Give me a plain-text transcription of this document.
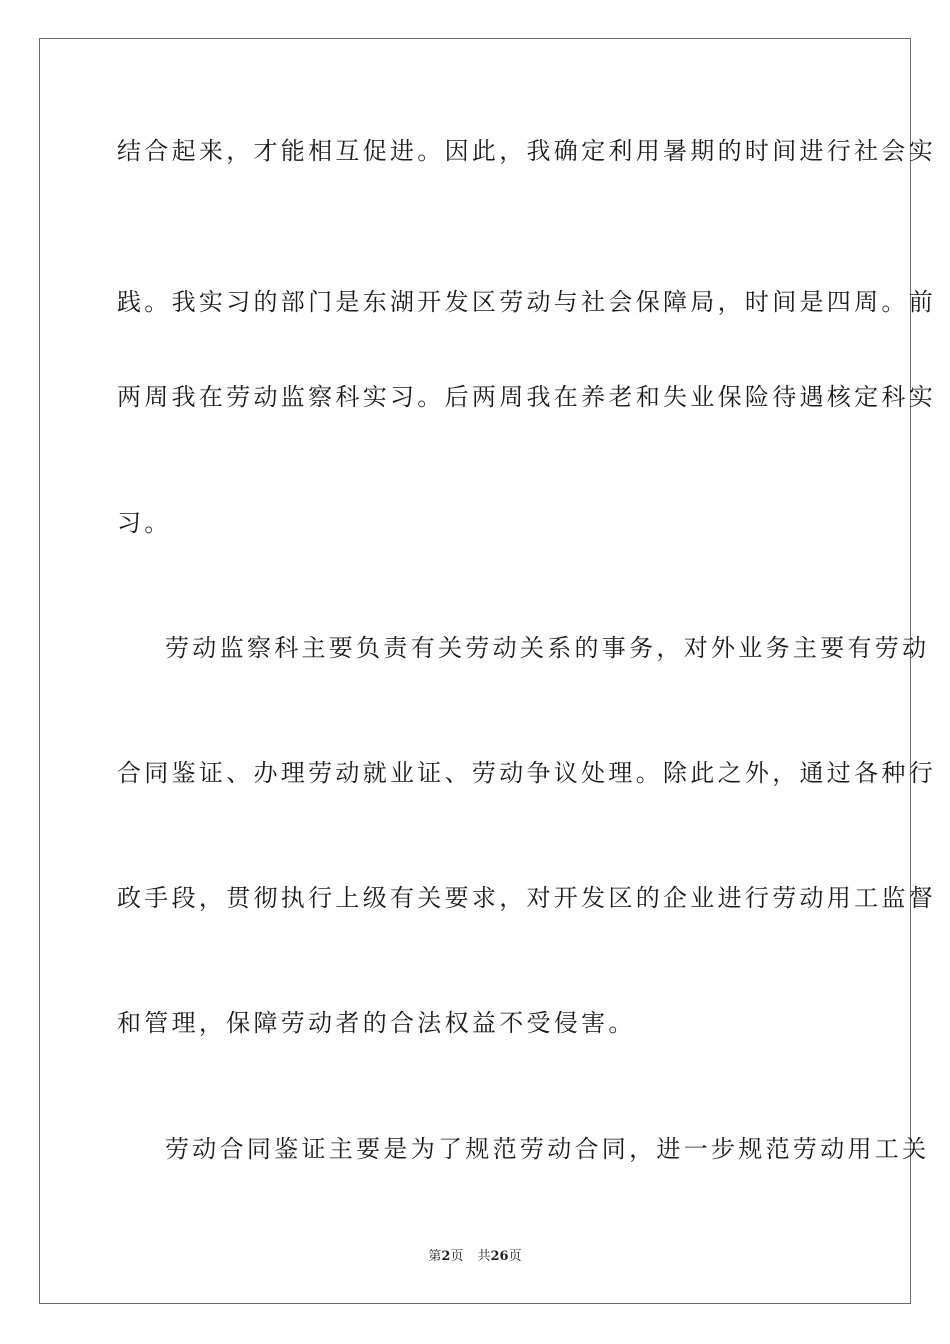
结合起来，才能相互促进。因此，我确定利用暑期的时间进行社会实
践。我实习的部门是东湖开发区劳动与社会保障局，时间是四周。前
两周我在劳动监察科实习。后两周我在养老和失业保险待遇核定科实
习。
劳动监察科主要负责有关劳动关系的事务，对外业务主要有劳动
合同鉴证、办理劳动就业证、劳动争议处理。除此之外，通过各种行
政手段，贯彻执行上级有关要求，对开发区的企业进行劳动用工监督
和管理，保障劳动者的合法权益不受侵害。
劳动合同鉴证主要是为了规范劳动合同，进一步规范劳动用工关
第2页 共26页
